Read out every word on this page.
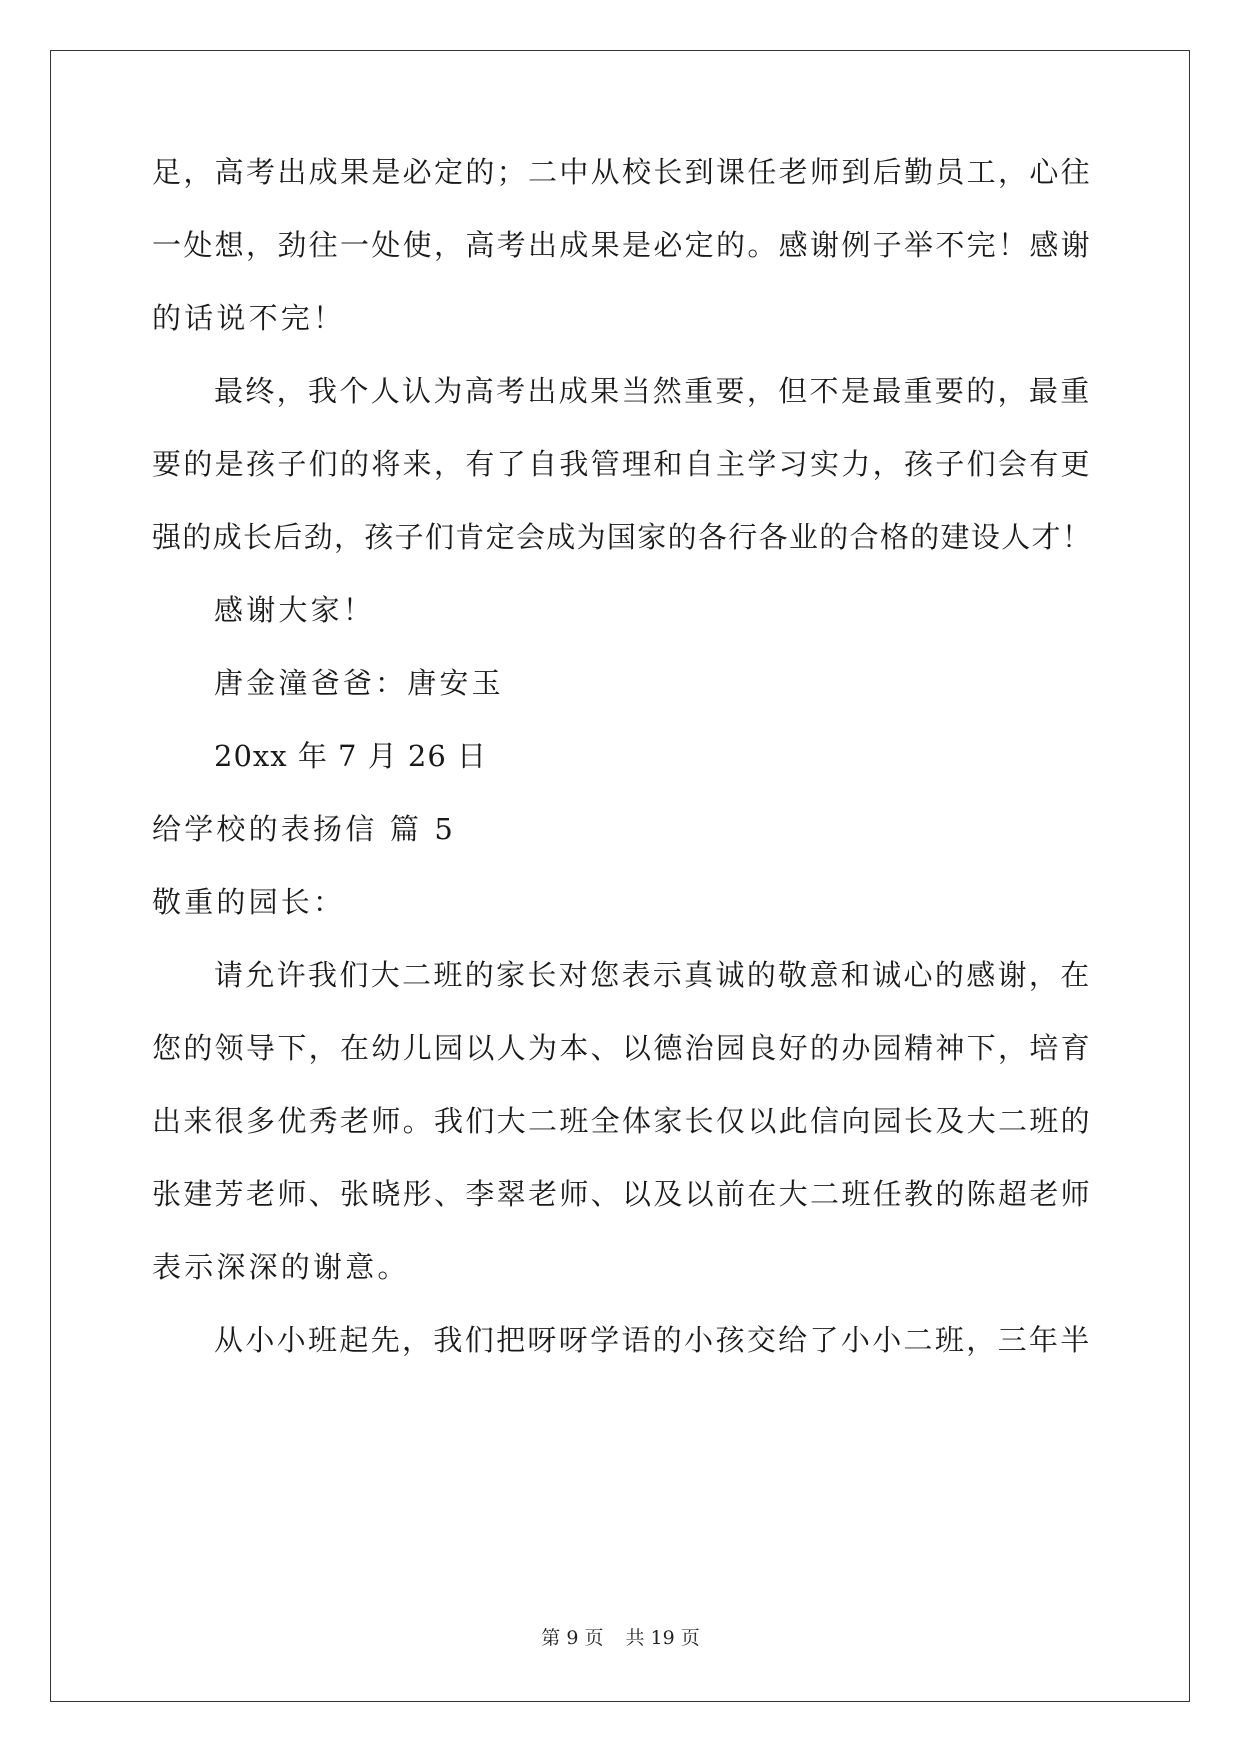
足，高考出成果是必定的；二中从校长到课任老师到后勤员工，心往
一处想，劲往一处使，高考出成果是必定的。感谢例子举不完！感谢
的话说不完！
最终，我个人认为高考出成果当然重要，但不是最重要的，最重
要的是孩子们的将来，有了自我管理和自主学习实力，孩子们会有更
强的成长后劲，孩子们肯定会成为国家的各行各业的合格的建设人才！
感谢大家！
唐金潼爸爸：唐安玉
20xx 年 7 月 26 日
给学校的表扬信 篇 5
敬重的园长：
请允许我们大二班的家长对您表示真诚的敬意和诚心的感谢，在
您的领导下，在幼儿园以人为本、以德治园良好的办园精神下，培育
出来很多优秀老师。我们大二班全体家长仅以此信向园长及大二班的
张建芳老师、张晓彤、李翠老师、以及以前在大二班任教的陈超老师
表示深深的谢意。
从小小班起先，我们把呀呀学语的小孩交给了小小二班，三年半
第 9 页 共 19 页
